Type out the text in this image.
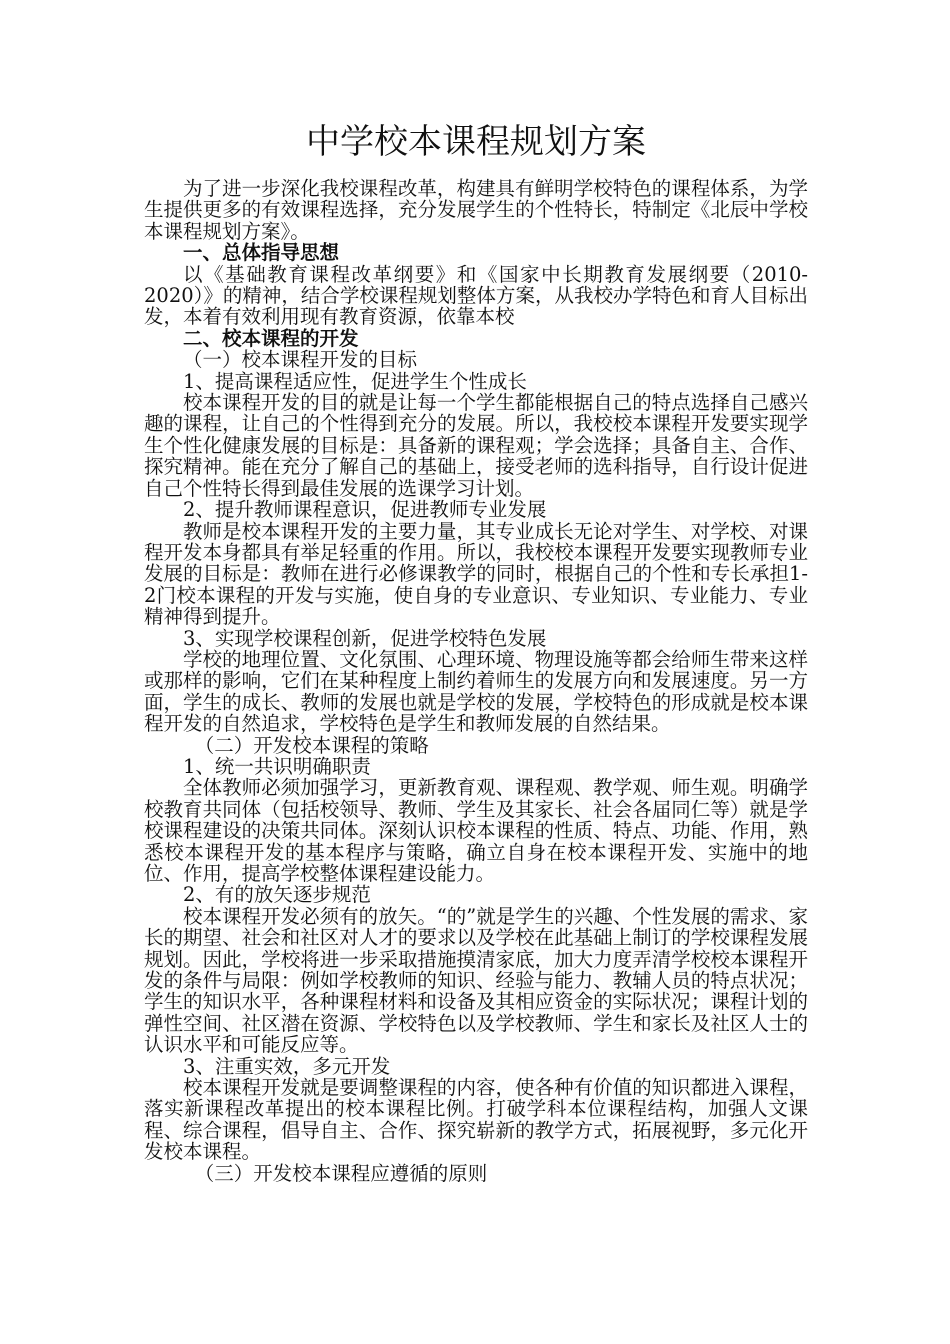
中学校本课程规划方案

为了进一步深化我校课程改革，构建具有鲜明学校特色的课程体系，为学生提供更多的有效课程选择，充分发展学生的个性特长，特制定《北辰中学校本课程规划方案》。

一、总体指导思想

以《基础教育课程改革纲要》和《国家中长期教育发展纲要（2010-2020）》的精神，结合学校课程规划整体方案，从我校办学特色和育人目标出发，本着有效利用现有教育资源，依靠本校

二、校本课程的开发

（一）校本课程开发的目标

1、提高课程适应性，促进学生个性成长

校本课程开发的目的就是让每一个学生都能根据自己的特点选择自己感兴趣的课程，让自己的个性得到充分的发展。所以，我校校本课程开发要实现学生个性化健康发展的目标是：具备新的课程观；学会选择；具备自主、合作、探究精神。能在充分了解自己的基础上，接受老师的选科指导，自行设计促进自己个性特长得到最佳发展的选课学习计划。

2、提升教师课程意识，促进教师专业发展

教师是校本课程开发的主要力量，其专业成长无论对学生、对学校、对课程开发本身都具有举足轻重的作用。所以，我校校本课程开发要实现教师专业发展的目标是：教师在进行必修课教学的同时，根据自己的个性和专长承担1-2门校本课程的开发与实施，使自身的专业意识、专业知识、专业能力、专业精神得到提升。

3、实现学校课程创新，促进学校特色发展

学校的地理位置、文化氛围、心理环境、物理设施等都会给师生带来这样或那样的影响，它们在某种程度上制约着师生的发展方向和发展速度。另一方面，学生的成长、教师的发展也就是学校的发展，学校特色的形成就是校本课程开发的自然追求，学校特色是学生和教师发展的自然结果。

（二）开发校本课程的策略

1、统一共识明确职责

全体教师必须加强学习，更新教育观、课程观、教学观、师生观。明确学校教育共同体（包括校领导、教师、学生及其家长、社会各届同仁等）就是学校课程建设的决策共同体。深刻认识校本课程的性质、特点、功能、作用，熟悉校本课程开发的基本程序与策略，确立自身在校本课程开发、实施中的地位、作用，提高学校整体课程建设能力。

2、有的放矢逐步规范

校本课程开发必须有的放矢。“的”就是学生的兴趣、个性发展的需求、家长的期望、社会和社区对人才的要求以及学校在此基础上制订的学校课程发展规划。因此，学校将进一步采取措施摸清家底，加大力度弄清学校校本课程开发的条件与局限：例如学校教师的知识、经验与能力、教辅人员的特点状况；学生的知识水平，各种课程材料和设备及其相应资金的实际状况；课程计划的弹性空间、社区潜在资源、学校特色以及学校教师、学生和家长及社区人士的认识水平和可能反应等。

3、注重实效，多元开发

校本课程开发就是要调整课程的内容，使各种有价值的知识都进入课程，落实新课程改革提出的校本课程比例。打破学科本位课程结构，加强人文课程、综合课程，倡导自主、合作、探究崭新的教学方式，拓展视野，多元化开发校本课程。

（三）开发校本课程应遵循的原则
